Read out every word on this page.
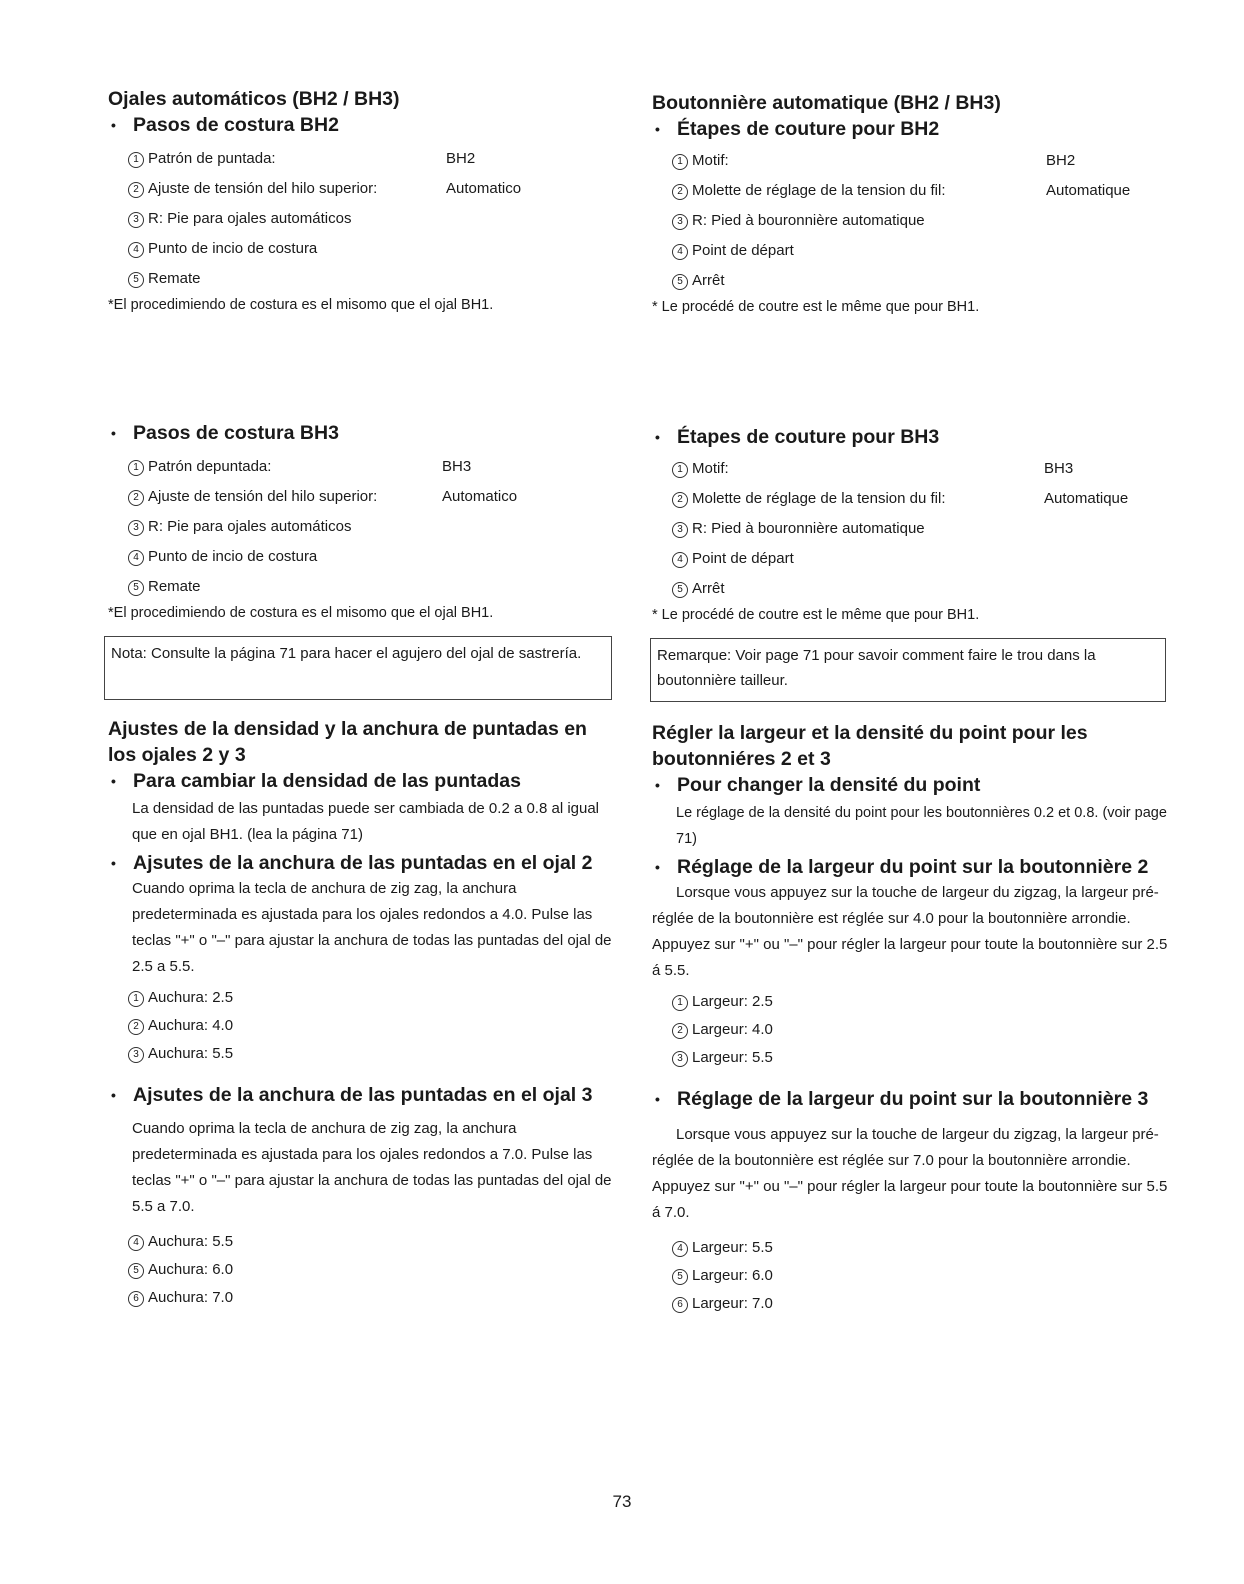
Ojales automáticos (BH2 / BH3)
• Pasos de costura BH2
1 Patrón de puntada:	BH2
2 Ajuste de tensión del hilo superior:	Automatico
3 R: Pie para ojales automáticos
4 Punto de incio de costura
5 Remate

*El procedimiendo de costura es el misomo que el ojal BH1.

• Pasos de costura BH3
1 Patrón depuntada:	BH3
2 Ajuste de tensión del hilo superior:	Automatico
3 R: Pie para ojales automáticos
4 Punto de incio de costura
5 Remate

*El procedimiendo de costura es el misomo que el ojal BH1.

Nota: Consulte la página 71 para hacer el agujero del ojal de sastrería.
Ajustes de la densidad y la anchura de puntadas en los ojales 2 y 3
• Para cambiar la densidad de las puntadas

La densidad de las puntadas puede ser cambiada de 0.2 a 0.8 al igual que en ojal BH1. (lea la página 71)

• Ajsutes de la anchura de las puntadas en el ojal 2

Cuando oprima la tecla de anchura de zig zag, la anchura predeterminada es ajustada para los ojales redondos a 4.0. Pulse las teclas "+" o "–" para ajustar la anchura de todas las puntadas del ojal de 2.5 a 5.5.

1 Auchura: 2.5
2 Auchura: 4.0
3 Auchura: 5.5
• Ajsutes de la anchura de las puntadas en el ojal 3

Cuando oprima la tecla de anchura de zig zag, la anchura predeterminada es ajustada para los ojales redondos a 7.0. Pulse las teclas "+" o "–" para ajustar la anchura de todas las puntadas del ojal de 5.5 a 7.0.

4 Auchura: 5.5
5 Auchura: 6.0
6 Auchura: 7.0
Boutonnière automatique (BH2 / BH3)
• Étapes de couture pour BH2
1 Motif:	BH2
2 Molette de réglage de la tension du fil:	Automatique
3 R: Pied à bouronnière automatique
4 Point de départ
5 Arrêt

* Le procédé de coutre est le même que pour BH1.

• Étapes de couture pour BH3
1 Motif:	BH3
2 Molette de réglage de la tension du fil:	Automatique
3 R: Pied à bouronnière automatique
4 Point de départ
5 Arrêt

* Le procédé de coutre est le même que pour BH1.

Remarque: Voir page 71 pour savoir comment faire le trou dans la boutonnière tailleur.
Régler la largeur et la densité du point pour les boutonniéres 2 et 3
• Pour changer la densité du point

Le réglage de la densité du point pour les boutonnières 0.2 et 0.8. (voir page 71)

• Réglage de la largeur du point sur la boutonnière 2

Lorsque vous appuyez sur la touche de largeur du zigzag, la largeur pré-réglée de la boutonnière est réglée sur 4.0 pour la boutonnière arrondie. Appuyez sur "+" ou "–" pour régler la largeur pour toute la boutonnière sur 2.5 á 5.5.

1 Largeur: 2.5
2 Largeur: 4.0
3 Largeur: 5.5
• Réglage de la largeur du point sur la boutonnière 3

Lorsque vous appuyez sur la touche de largeur du zigzag, la largeur pré-réglée de la boutonnière est réglée sur 7.0 pour la boutonnière arrondie. Appuyez sur "+" ou "–" pour régler la largeur pour toute la boutonnière sur 5.5 á 7.0.

4 Largeur: 5.5
5 Largeur: 6.0
6 Largeur: 7.0
73
